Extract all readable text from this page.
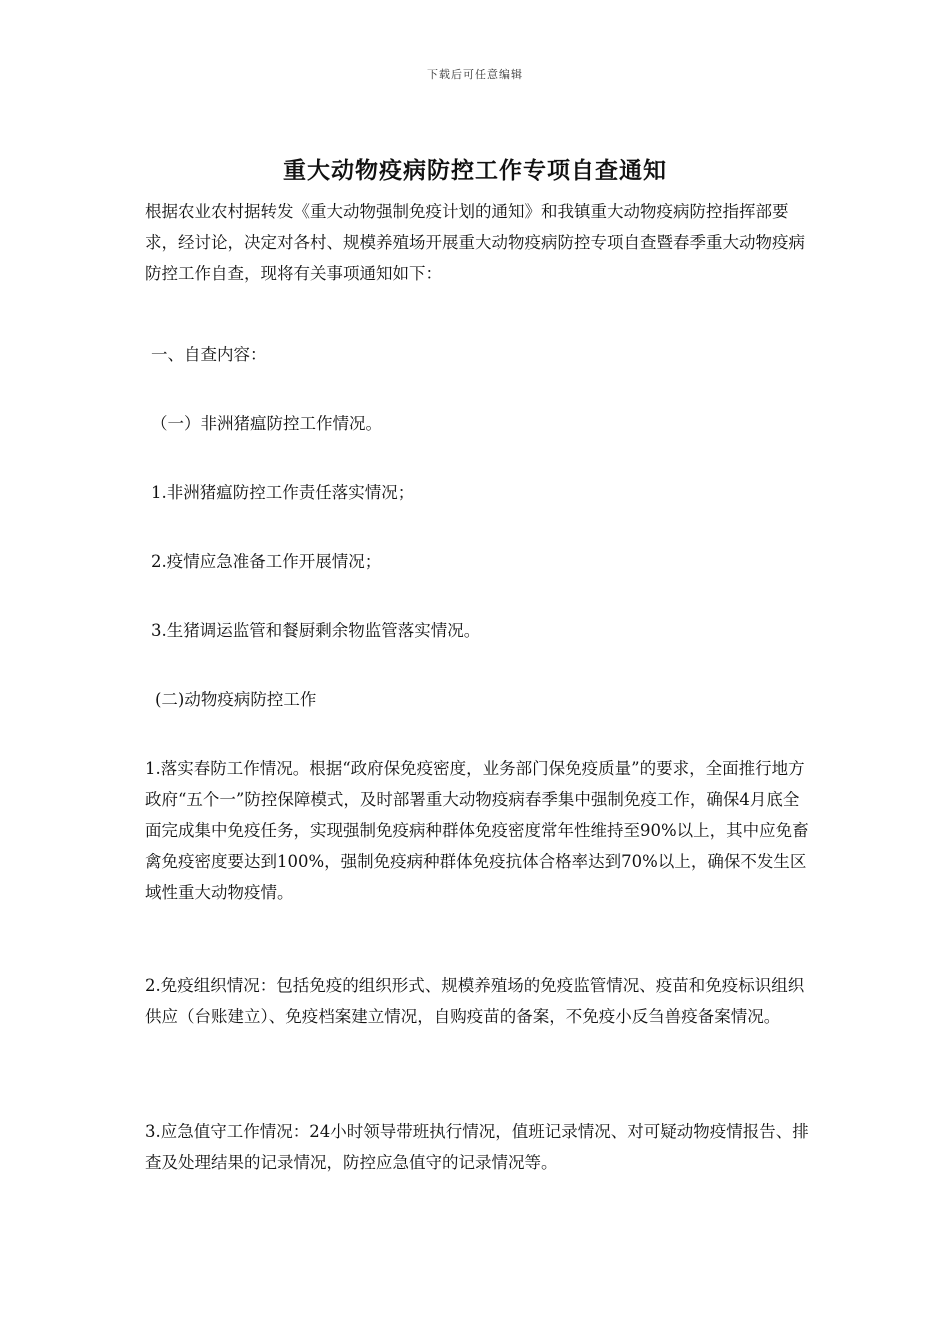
下载后可任意编辑
重大动物疫病防控工作专项自查通知

根据农业农村据转发《重大动物强制免疫计划的通知》和我镇重大动物疫病防控指挥部要求，经讨论，决定对各村、规模养殖场开展重大动物疫病防控专项自查暨春季重大动物疫病防控工作自查，现将有关事项通知如下：

一、自查内容：

（一）非洲猪瘟防控工作情况。

1.非洲猪瘟防控工作责任落实情况；

2.疫情应急准备工作开展情况；

3.生猪调运监管和餐厨剩余物监管落实情况。

(二)动物疫病防控工作

1.落实春防工作情况。根据“政府保免疫密度，业务部门保免疫质量”的要求，全面推行地方政府“五个一”防控保障模式，及时部署重大动物疫病春季集中强制免疫工作，确保4月底全面完成集中免疫任务，实现强制免疫病种群体免疫密度常年性维持至90%以上，其中应免畜禽免疫密度要达到100%，强制免疫病种群体免疫抗体合格率达到70%以上，确保不发生区域性重大动物疫情。

2.免疫组织情况：包括免疫的组织形式、规模养殖场的免疫监管情况、疫苗和免疫标识组织供应（台账建立）、免疫档案建立情况，自购疫苗的备案，不免疫小反刍兽疫备案情况。

3.应急值守工作情况：24小时领导带班执行情况，值班记录情况、对可疑动物疫情报告、排查及处理结果的记录情况，防控应急值守的记录情况等。
